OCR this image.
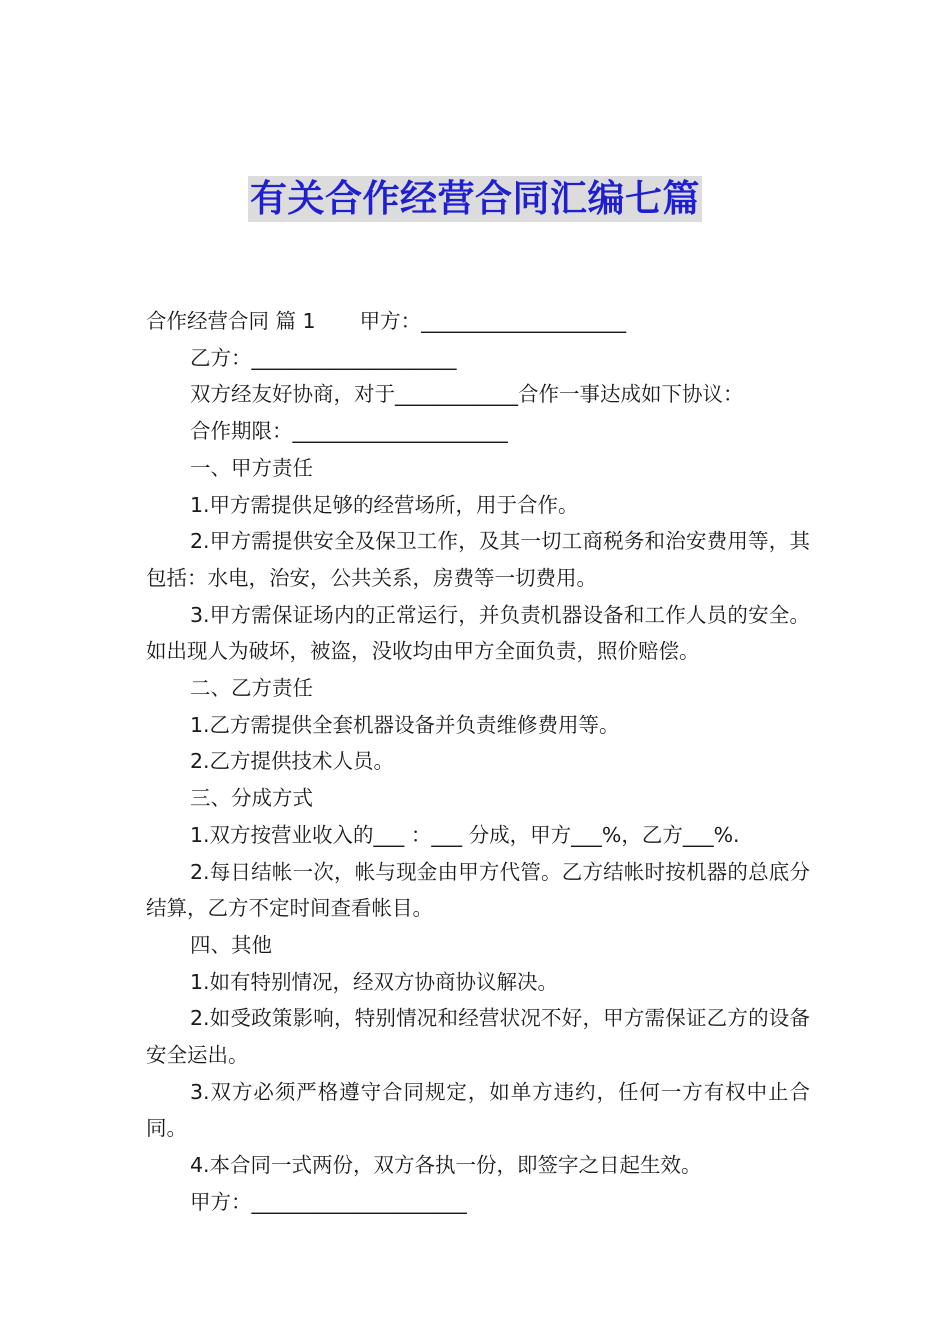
有关合作经营合同汇编七篇

合作经营合同 篇 1 甲方：____________________

乙方：____________________

双方经友好协商，对于____________合作一事达成如下协议：

合作期限：_____________________

一、甲方责任

1.甲方需提供足够的经营场所，用于合作。

2.甲方需提供安全及保卫工作，及其一切工商税务和治安费用等，其包括：水电，治安，公共关系，房费等一切费用。

3.甲方需保证场内的正常运行，并负责机器设备和工作人员的安全。如出现人为破坏，被盗，没收均由甲方全面负责，照价赔偿。

二、乙方责任

1.乙方需提供全套机器设备并负责维修费用等。

2.乙方提供技术人员。

三、分成方式

1.双方按营业收入的___ ：___ 分成，甲方___%，乙方___%.

2.每日结帐一次，帐与现金由甲方代管。乙方结帐时按机器的总底分结算，乙方不定时间查看帐目。

四、其他

1.如有特别情况，经双方协商协议解决。

2.如受政策影响，特别情况和经营状况不好，甲方需保证乙方的设备安全运出。

3.双方必须严格遵守合同规定，如单方违约，任何一方有权中止合同。

4.本合同一式两份，双方各执一份，即签字之日起生效。

甲方：_____________________
